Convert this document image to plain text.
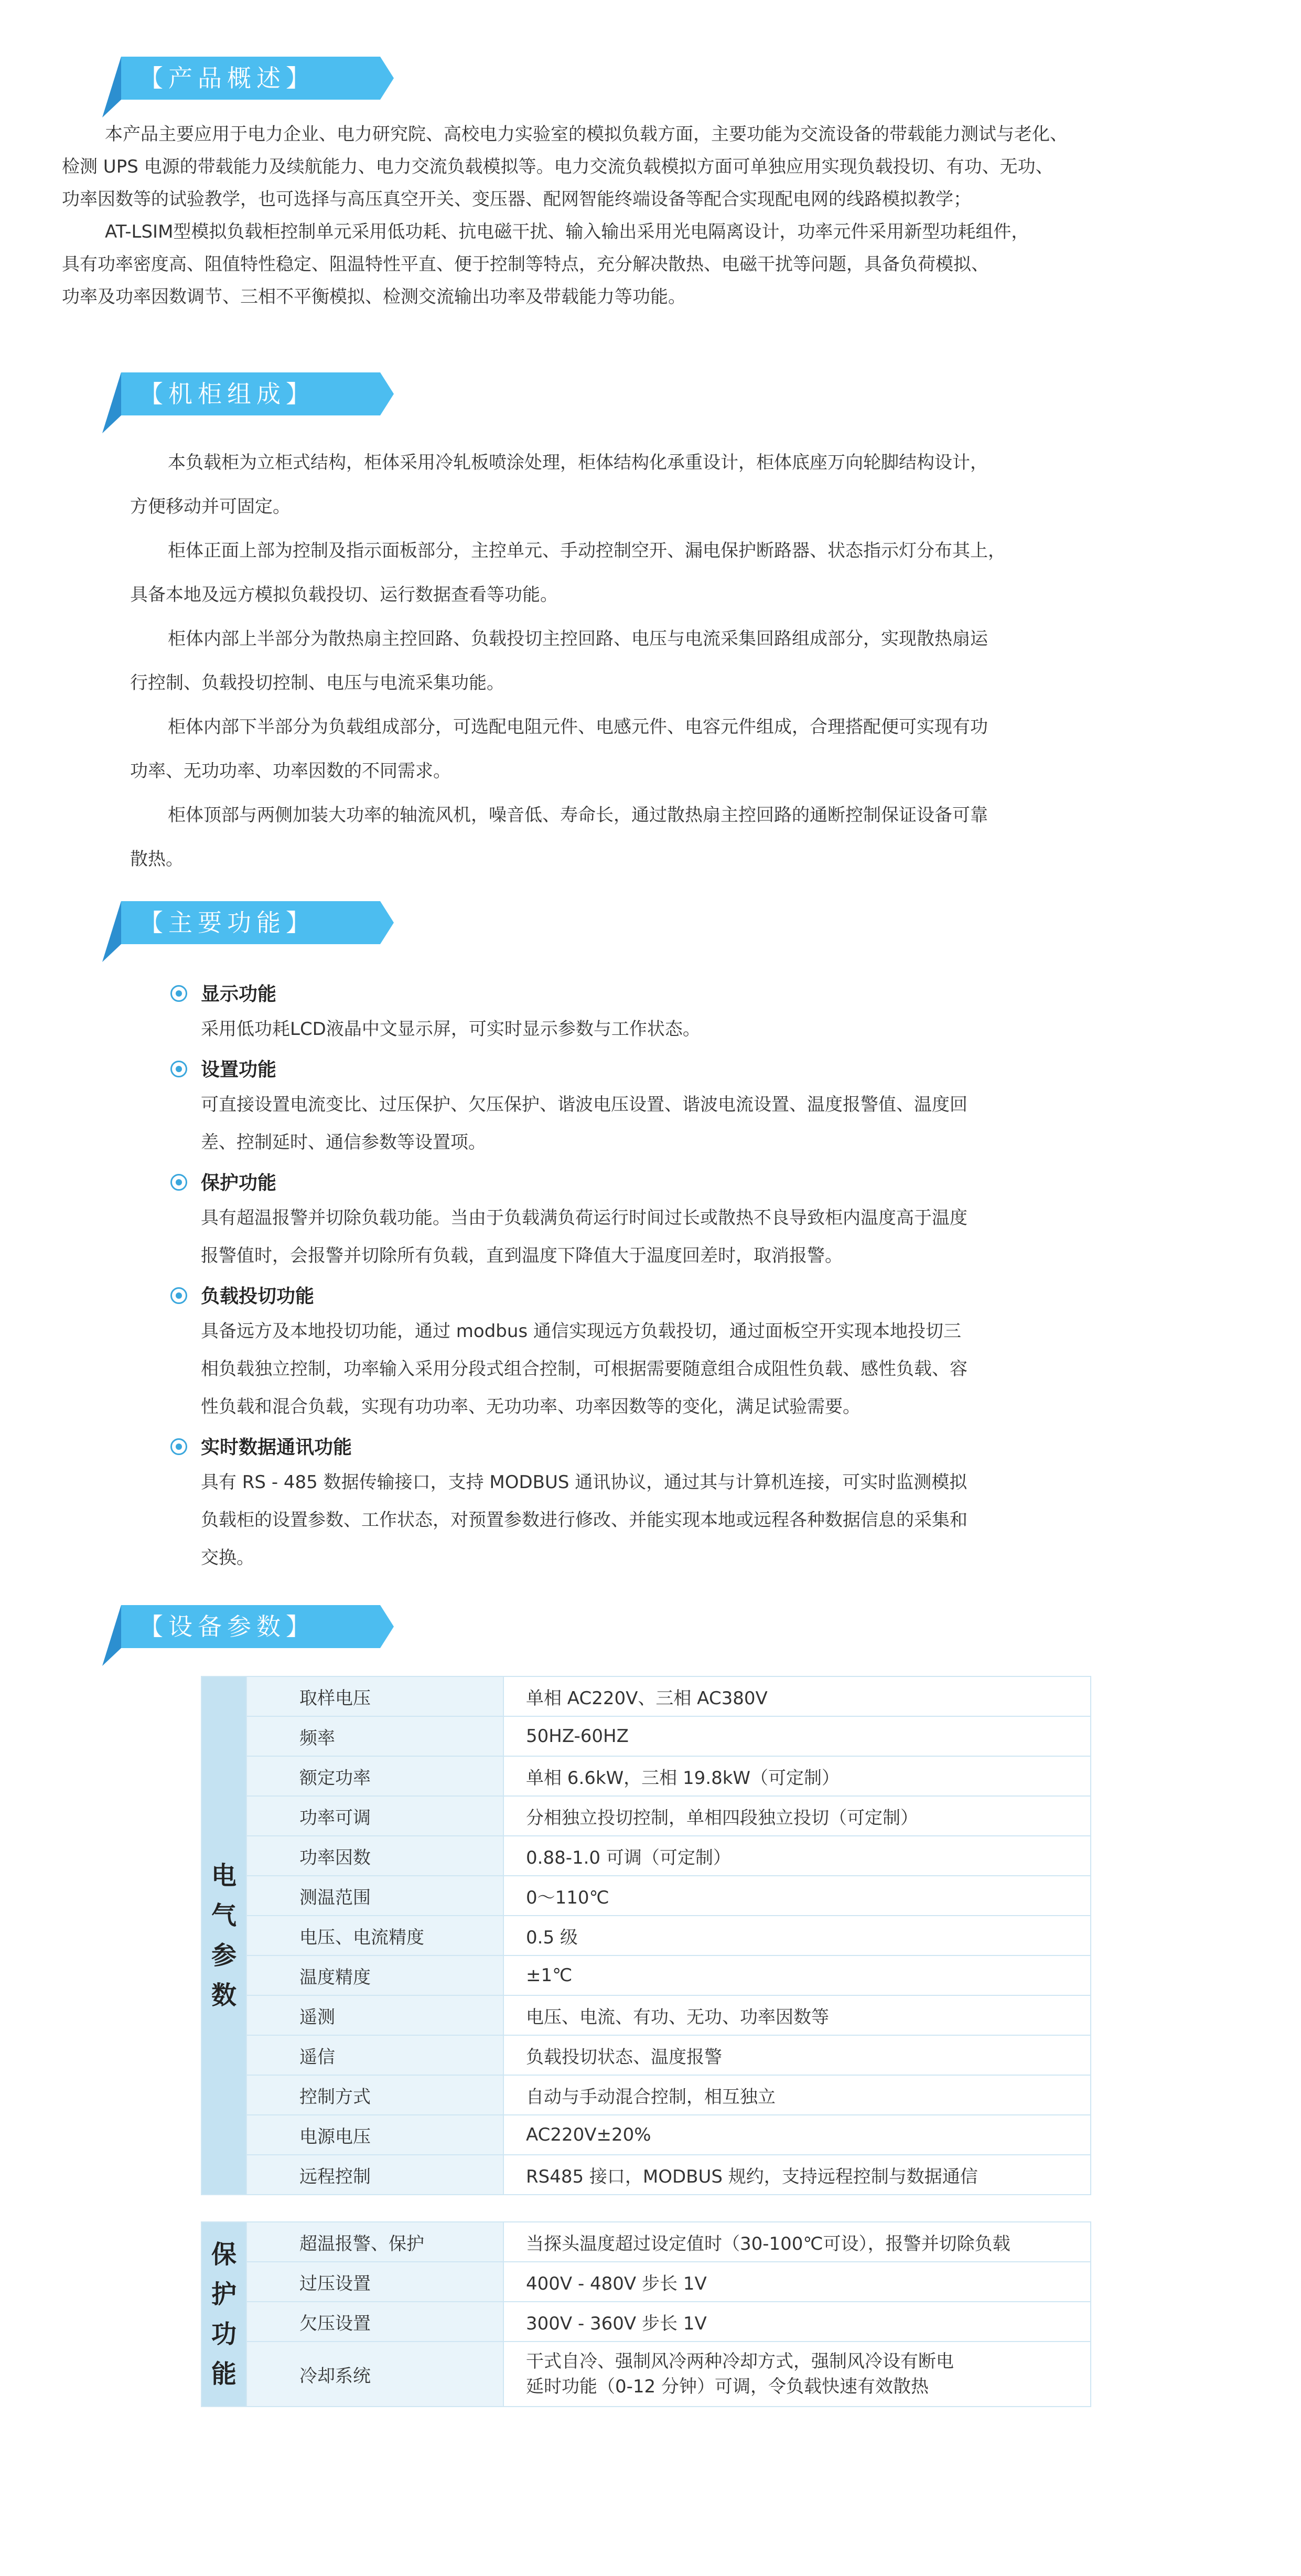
【产品概述】

本产品主要应用于电力企业、电力研究院、高校电力实验室的模拟负载方面，主要功能为交流设备的带载能力测试与老化、

检测 UPS 电源的带载能力及续航能力、电力交流负载模拟等。电力交流负载模拟方面可单独应用实现负载投切、有功、无功、

功率因数等的试验教学，也可选择与高压真空开关、变压器、配网智能终端设备等配合实现配电网的线路模拟教学；

AT-LSIM型模拟负载柜控制单元采用低功耗、抗电磁干扰、输入输出采用光电隔离设计，功率元件采用新型功耗组件，

具有功率密度高、阻值特性稳定、阻温特性平直、便于控制等特点，充分解决散热、电磁干扰等问题，具备负荷模拟、

功率及功率因数调节、三相不平衡模拟、检测交流输出功率及带载能力等功能。

【机柜组成】

本负载柜为立柜式结构，柜体采用冷轧板喷涂处理，柜体结构化承重设计，柜体底座万向轮脚结构设计，

方便移动并可固定。

柜体正面上部为控制及指示面板部分，主控单元、手动控制空开、漏电保护断路器、状态指示灯分布其上，

具备本地及远方模拟负载投切、运行数据查看等功能。

柜体内部上半部分为散热扇主控回路、负载投切主控回路、电压与电流采集回路组成部分，实现散热扇运

行控制、负载投切控制、电压与电流采集功能。

柜体内部下半部分为负载组成部分，可选配电阻元件、电感元件、电容元件组成，合理搭配便可实现有功

功率、无功功率、功率因数的不同需求。

柜体顶部与两侧加装大功率的轴流风机，噪音低、寿命长，通过散热扇主控回路的通断控制保证设备可靠

散热。

【主要功能】
显示功能
采用低功耗LCD液晶中文显示屏，可实时显示参数与工作状态。
设置功能
可直接设置电流变比、过压保护、欠压保护、谐波电压设置、谐波电流设置、温度报警值、温度回
差、控制延时、通信参数等设置项。
保护功能
具有超温报警并切除负载功能。当由于负载满负荷运行时间过长或散热不良导致柜内温度高于温度
报警值时，会报警并切除所有负载，直到温度下降值大于温度回差时，取消报警。
负载投切功能
具备远方及本地投切功能，通过 modbus 通信实现远方负载投切，通过面板空开实现本地投切三
相负载独立控制，功率输入采用分段式组合控制，可根据需要随意组合成阻性负载、感性负载、容
性负载和混合负载，实现有功功率、无功功率、功率因数等的变化，满足试验需要。
实时数据通讯功能
具有 RS - 485 数据传输接口，支持 MODBUS 通讯协议，通过其与计算机连接，可实时监测模拟
负载柜的设置参数、工作状态，对预置参数进行修改、并能实现本地或远程各种数据信息的采集和
交换。
【设备参数】
电
气
参
数	取样电压	单相 AC220V、三相 AC380V
	频率	50HZ-60HZ
	额定功率	单相 6.6kW，三相 19.8kW（可定制）
	功率可调	分相独立投切控制，单相四段独立投切（可定制）
	功率因数	0.88-1.0 可调（可定制）
	测温范围	0～110℃
	电压、电流精度	0.5 级
	温度精度	±1℃
	遥测	电压、电流、有功、无功、功率因数等
	遥信	负载投切状态、温度报警
	控制方式	自动与手动混合控制，相互独立
	电源电压	AC220V±20%
	远程控制	RS485 接口，MODBUS 规约，支持远程控制与数据通信
保
护
功
能	超温报警、保护	当探头温度超过设定值时（30-100℃可设），报警并切除负载
	过压设置	400V - 480V 步长 1V
	欠压设置	300V - 360V 步长 1V
	冷却系统	干式自冷、强制风冷两种冷却方式，强制风冷设有断电
延时功能（0-12 分钟）可调，令负载快速有效散热
